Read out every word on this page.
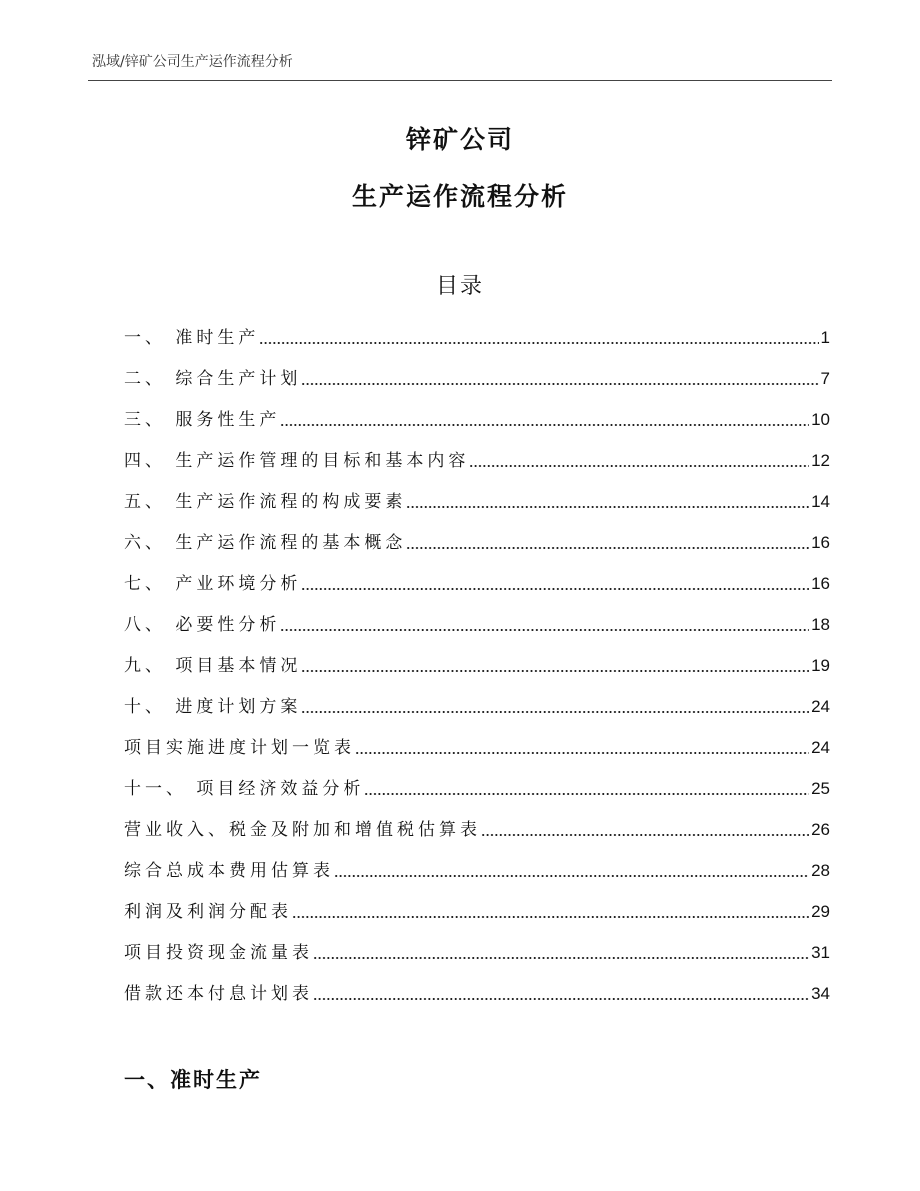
泓域/锌矿公司生产运作流程分析
锌矿公司
生产运作流程分析
目录
一、 准时生产	1
二、 综合生产计划	7
三、 服务性生产	10
四、 生产运作管理的目标和基本内容	12
五、 生产运作流程的构成要素	14
六、 生产运作流程的基本概念	16
七、 产业环境分析	16
八、 必要性分析	18
九、 项目基本情况	19
十、 进度计划方案	24
项目实施进度计划一览表	24
十一、 项目经济效益分析	25
营业收入、税金及附加和增值税估算表	26
综合总成本费用估算表	28
利润及利润分配表	29
项目投资现金流量表	31
借款还本付息计划表	34
一、准时生产
